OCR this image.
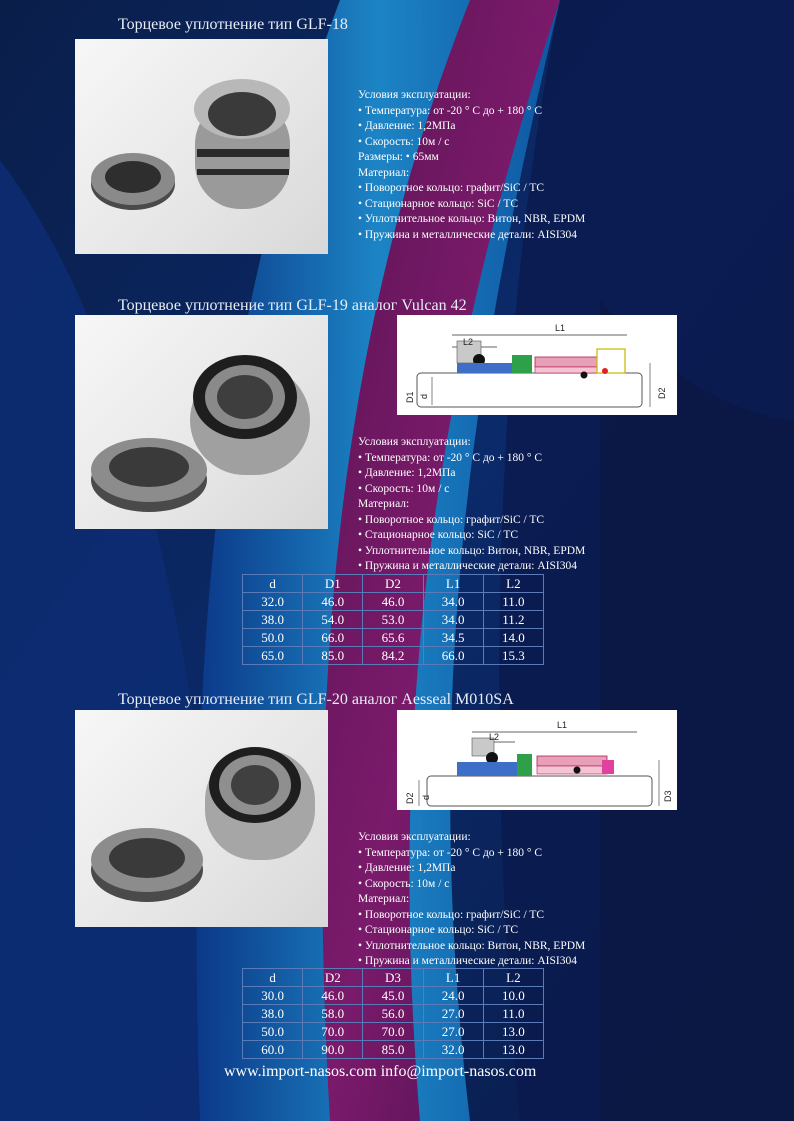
Торцевое уплотнение тип GLF-18
Условия эксплуатации:
• Температура: от -20 ° С до + 180 ° С
• Давление: 1,2МПа
• Скорость: 10м / с
Размеры: • 65мм
Материал:
• Поворотное кольцо: графит/SiC / TC
• Стационарное кольцо: SiC / TC
• Уплотнительное кольцо: Витон, NBR, EPDM
• Пружина и металлические детали: AISI304
Торцевое уплотнение тип GLF-19 аналог Vulcan 42
L2
L1
D1 d	D2
Условия эксплуатации:
• Температура: от -20 ° С до + 180 ° С
• Давление: 1,2МПа
• Скорость: 10м / с
Материал:
• Поворотное кольцо: графит/SiC / TC
• Стационарное кольцо: SiC / TC
• Уплотнительное кольцо: Витон, NBR, EPDM
• Пружина и металлические детали: AISI304
d	D1	D2	L1	L2
32.0	46.0	46.0	34.0	11.0
38.0	54.0	53.0	34.0	11.2
50.0	66.0	65.6	34.5	14.0
65.0	85.0	84.2	66.0	15.3
Торцевое уплотнение тип GLF-20 аналог Aesseal M010SA
L2
L1
D2 d	D3
Условия эксплуатации:
• Температура: от -20 ° С до + 180 ° С
• Давление: 1,2МПа
• Скорость: 10м / с
Материал:
• Поворотное кольцо: графит/SiC / TC
• Стационарное кольцо: SiC / TC
• Уплотнительное кольцо: Витон, NBR, EPDM
• Пружина и металлические детали: AISI304
d	D2	D3	L1	L2
30.0	46.0	45.0	24.0	10.0
38.0	58.0	56.0	27.0	11.0
50.0	70.0	70.0	27.0	13.0
60.0	90.0	85.0	32.0	13.0
www.import-nasos.com info@import-nasos.com
